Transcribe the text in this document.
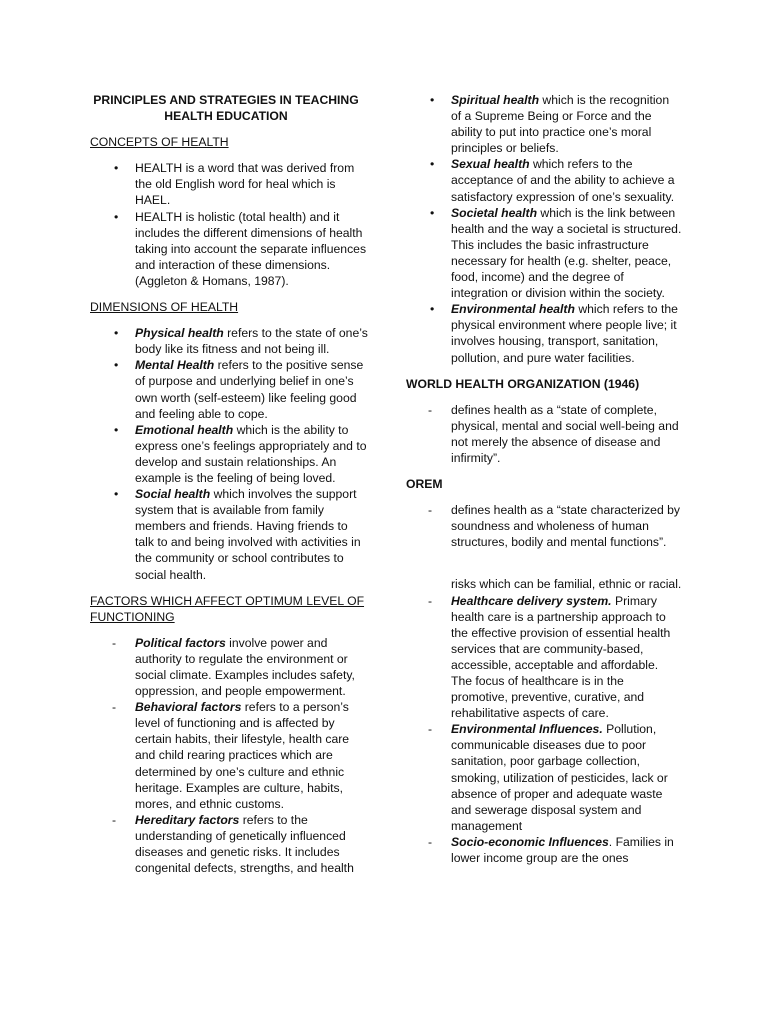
PRINCIPLES AND STRATEGIES IN TEACHING HEALTH EDUCATION
CONCEPTS OF HEALTH
• HEALTH is a word that was derived from the old English word for heal which is HAEL.
• HEALTH is holistic (total health) and it includes the different dimensions of health taking into account the separate influences and interaction of these dimensions. (Aggleton & Homans, 1987).
DIMENSIONS OF HEALTH
• Physical health refers to the state of one’s body like its fitness and not being ill.
• Mental Health refers to the positive sense of purpose and underlying belief in one’s own worth (self-esteem) like feeling good and feeling able to cope.
• Emotional health which is the ability to express one’s feelings appropriately and to develop and sustain relationships. An example is the feeling of being loved.
• Social health which involves the support system that is available from family members and friends. Having friends to talk to and being involved with activities in the community or school contributes to social health.
FACTORS WHICH AFFECT OPTIMUM LEVEL OF FUNCTIONING
- Political factors involve power and authority to regulate the environment or social climate. Examples includes safety, oppression, and people empowerment.
- Behavioral factors refers to a person’s level of functioning and is affected by certain habits, their lifestyle, health care and child rearing practices which are determined by one’s culture and ethnic heritage. Examples are culture, habits, mores, and ethnic customs.
- Hereditary factors refers to the understanding of genetically influenced diseases and genetic risks. It includes congenital defects, strengths, and health
• Spiritual health which is the recognition of a Supreme Being or Force and the ability to put into practice one’s moral principles or beliefs.
• Sexual health which refers to the acceptance of and the ability to achieve a satisfactory expression of one’s sexuality.
• Societal health which is the link between health and the way a societal is structured. This includes the basic infrastructure necessary for health (e.g. shelter, peace, food, income) and the degree of integration or division within the society.
• Environmental health which refers to the physical environment where people live; it involves housing, transport, sanitation, pollution, and pure water facilities.
WORLD HEALTH ORGANIZATION (1946)
- defines health as a “state of complete, physical, mental and social well-being and not merely the absence of disease and infirmity”.
OREM
- defines health as a “state characterized by soundness and wholeness of human structures, bodily and mental functions”.

risks which can be familial, ethnic or racial.

- Healthcare delivery system. Primary health care is a partnership approach to the effective provision of essential health services that are community-based, accessible, acceptable and affordable. The focus of healthcare is in the promotive, preventive, curative, and rehabilitative aspects of care.
- Environmental Influences. Pollution, communicable diseases due to poor sanitation, poor garbage collection, smoking, utilization of pesticides, lack or absence of proper and adequate waste and sewerage disposal system and management
- Socio-economic Influences. Families in lower income group are the ones
